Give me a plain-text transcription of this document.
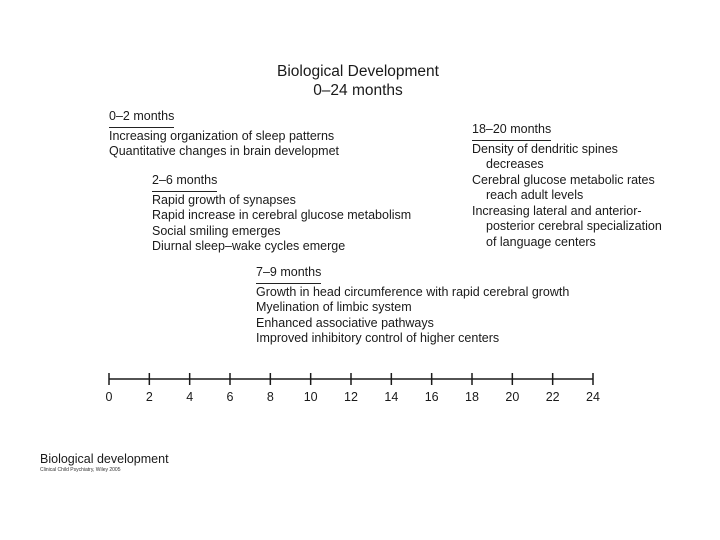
Biological Development
0–24 months
0–2 months
Increasing organization of sleep patterns
Quantitative changes in brain developmet
2–6 months
Rapid growth of synapses
Rapid increase in cerebral glucose metabolism
Social smiling emerges
Diurnal sleep–wake cycles emerge
7–9 months
Growth in head circumference with rapid cerebral growth
Myelination of limbic system
Enhanced associative pathways
Improved inhibitory control of higher centers
18–20 months
Density of dendritic spines
decreases
Cerebral glucose metabolic rates
reach adult levels
Increasing lateral and anterior-
posterior cerebral specialization
of language centers
0	2	4	6	8 10 12 14 16 18 20 22 24
Biological development
Clinical Child Psychiatry, Wiley 2005
